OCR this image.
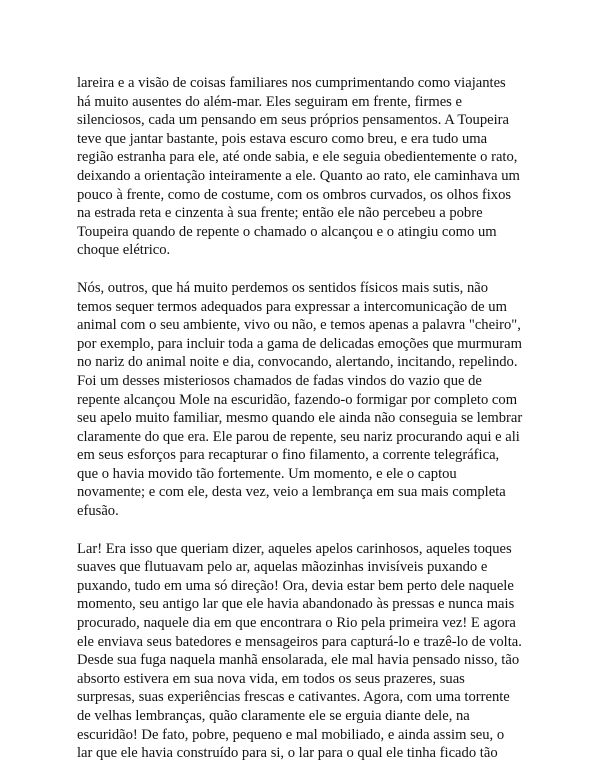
lareira e a visão de coisas familiares nos cumprimentando como viajantes
há muito ausentes do além-mar. Eles seguiram em frente, firmes e
silenciosos, cada um pensando em seus próprios pensamentos. A Toupeira
teve que jantar bastante, pois estava escuro como breu, e era tudo uma
região estranha para ele, até onde sabia, e ele seguia obedientemente o rato,
deixando a orientação inteiramente a ele. Quanto ao rato, ele caminhava um
pouco à frente, como de costume, com os ombros curvados, os olhos fixos
na estrada reta e cinzenta à sua frente; então ele não percebeu a pobre
Toupeira quando de repente o chamado o alcançou e o atingiu como um
choque elétrico.

Nós, outros, que há muito perdemos os sentidos físicos mais sutis, não
temos sequer termos adequados para expressar a intercomunicação de um
animal com o seu ambiente, vivo ou não, e temos apenas a palavra "cheiro",
por exemplo, para incluir toda a gama de delicadas emoções que murmuram
no nariz do animal noite e dia, convocando, alertando, incitando, repelindo.
Foi um desses misteriosos chamados de fadas vindos do vazio que de
repente alcançou Mole na escuridão, fazendo-o formigar por completo com
seu apelo muito familiar, mesmo quando ele ainda não conseguia se lembrar
claramente do que era. Ele parou de repente, seu nariz procurando aqui e ali
em seus esforços para recapturar o fino filamento, a corrente telegráfica,
que o havia movido tão fortemente. Um momento, e ele o captou
novamente; e com ele, desta vez, veio a lembrança em sua mais completa
efusão.

Lar! Era isso que queriam dizer, aqueles apelos carinhosos, aqueles toques
suaves que flutuavam pelo ar, aquelas mãozinhas invisíveis puxando e
puxando, tudo em uma só direção! Ora, devia estar bem perto dele naquele
momento, seu antigo lar que ele havia abandonado às pressas e nunca mais
procurado, naquele dia em que encontrara o Rio pela primeira vez! E agora
ele enviava seus batedores e mensageiros para capturá-lo e trazê-lo de volta.
Desde sua fuga naquela manhã ensolarada, ele mal havia pensado nisso, tão
absorto estivera em sua nova vida, em todos os seus prazeres, suas
surpresas, suas experiências frescas e cativantes. Agora, com uma torrente
de velhas lembranças, quão claramente ele se erguia diante dele, na
escuridão! De fato, pobre, pequeno e mal mobiliado, e ainda assim seu, o
lar que ele havia construído para si, o lar para o qual ele tinha ficado tão
